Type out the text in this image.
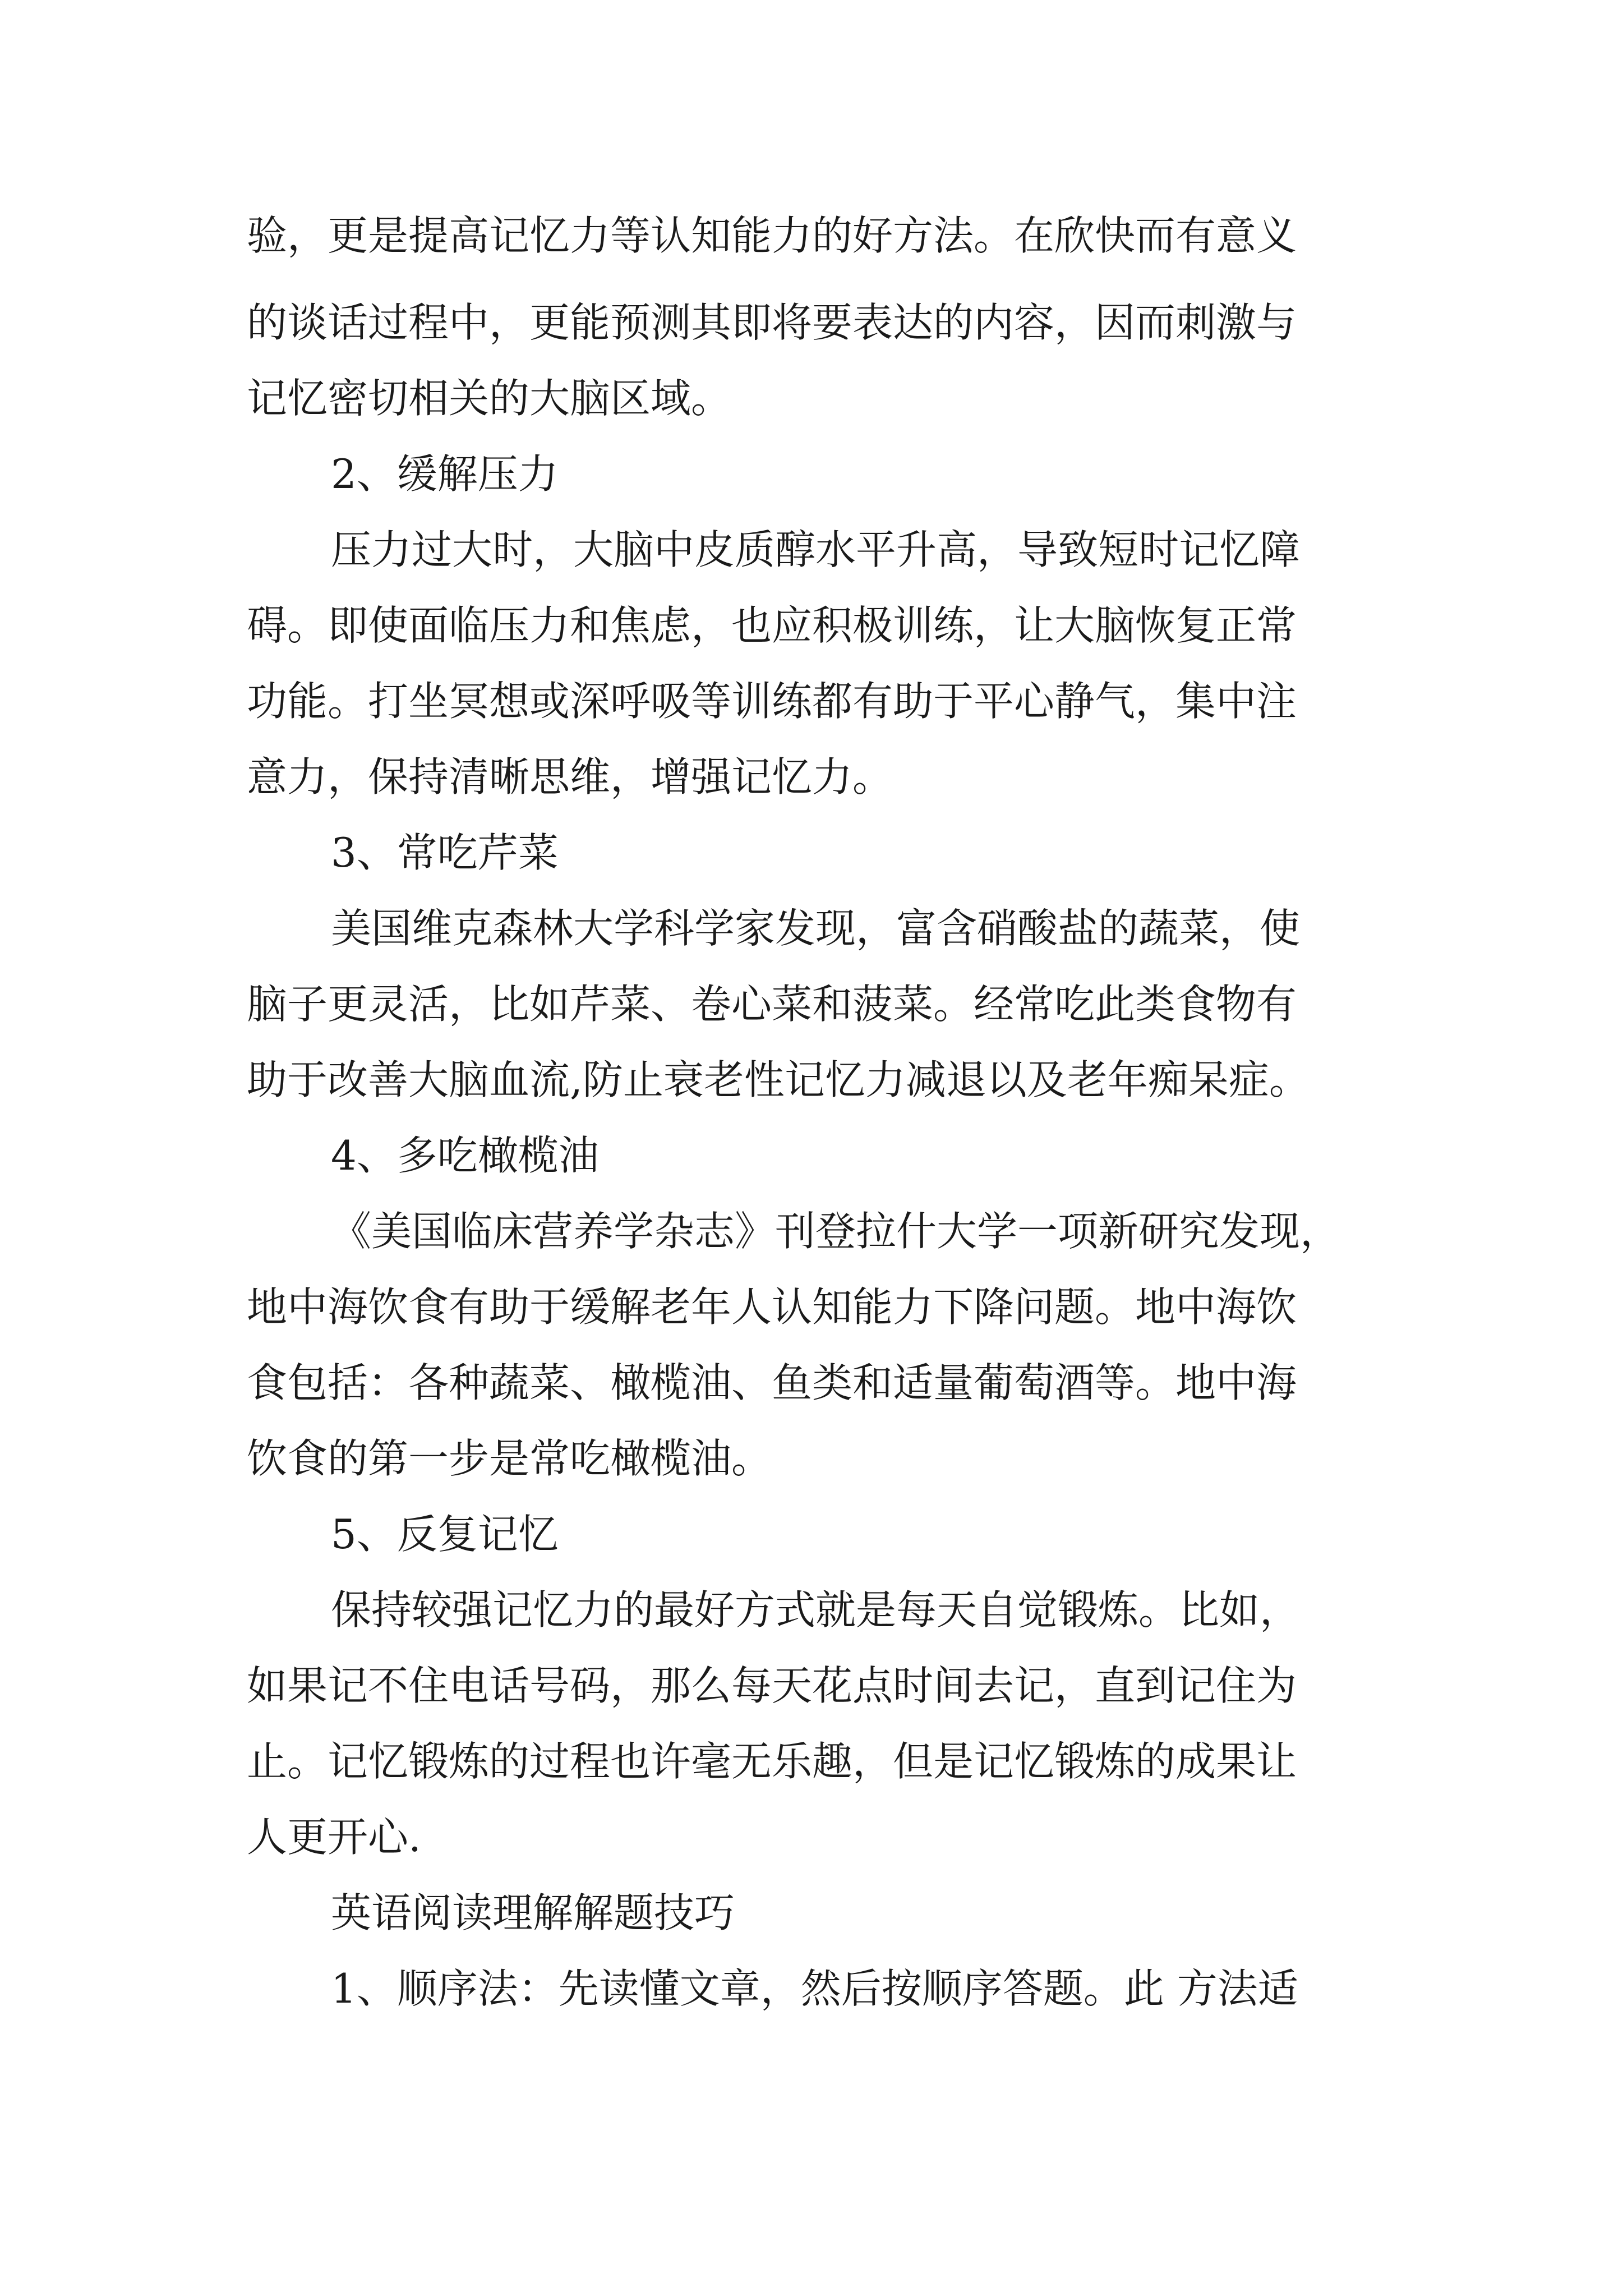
验，更是提高记忆力等认知能力的好方法。在欣快而有意义
的谈话过程中，更能预测其即将要表达的内容，因而刺激与
记忆密切相关的大脑区域。
2、缓解压力
压力过大时，大脑中皮质醇水平升高，导致短时记忆障
碍。即使面临压力和焦虑，也应积极训练，让大脑恢复正常
功能。打坐冥想或深呼吸等训练都有助于平心静气，集中注
意力，保持清晰思维，增强记忆力。
3、常吃芹菜
美国维克森林大学科学家发现，富含硝酸盐的蔬菜，使
脑子更灵活，比如芹菜、卷心菜和菠菜。经常吃此类食物有
助于改善大脑血流,防止衰老性记忆力减退以及老年痴呆症。
4、多吃橄榄油
《美国临床营养学杂志》刊登拉什大学一项新研究发现，
地中海饮食有助于缓解老年人认知能力下降问题。地中海饮
食包括：各种蔬菜、橄榄油、鱼类和适量葡萄酒等。地中海
饮食的第一步是常吃橄榄油。
5、反复记忆
保持较强记忆力的最好方式就是每天自觉锻炼。比如，
如果记不住电话号码，那么每天花点时间去记，直到记住为
止。记忆锻炼的过程也许毫无乐趣，但是记忆锻炼的成果让
人更开心.
英语阅读理解解题技巧
1、顺序法：先读懂文章，然后按顺序答题。此 方法适
